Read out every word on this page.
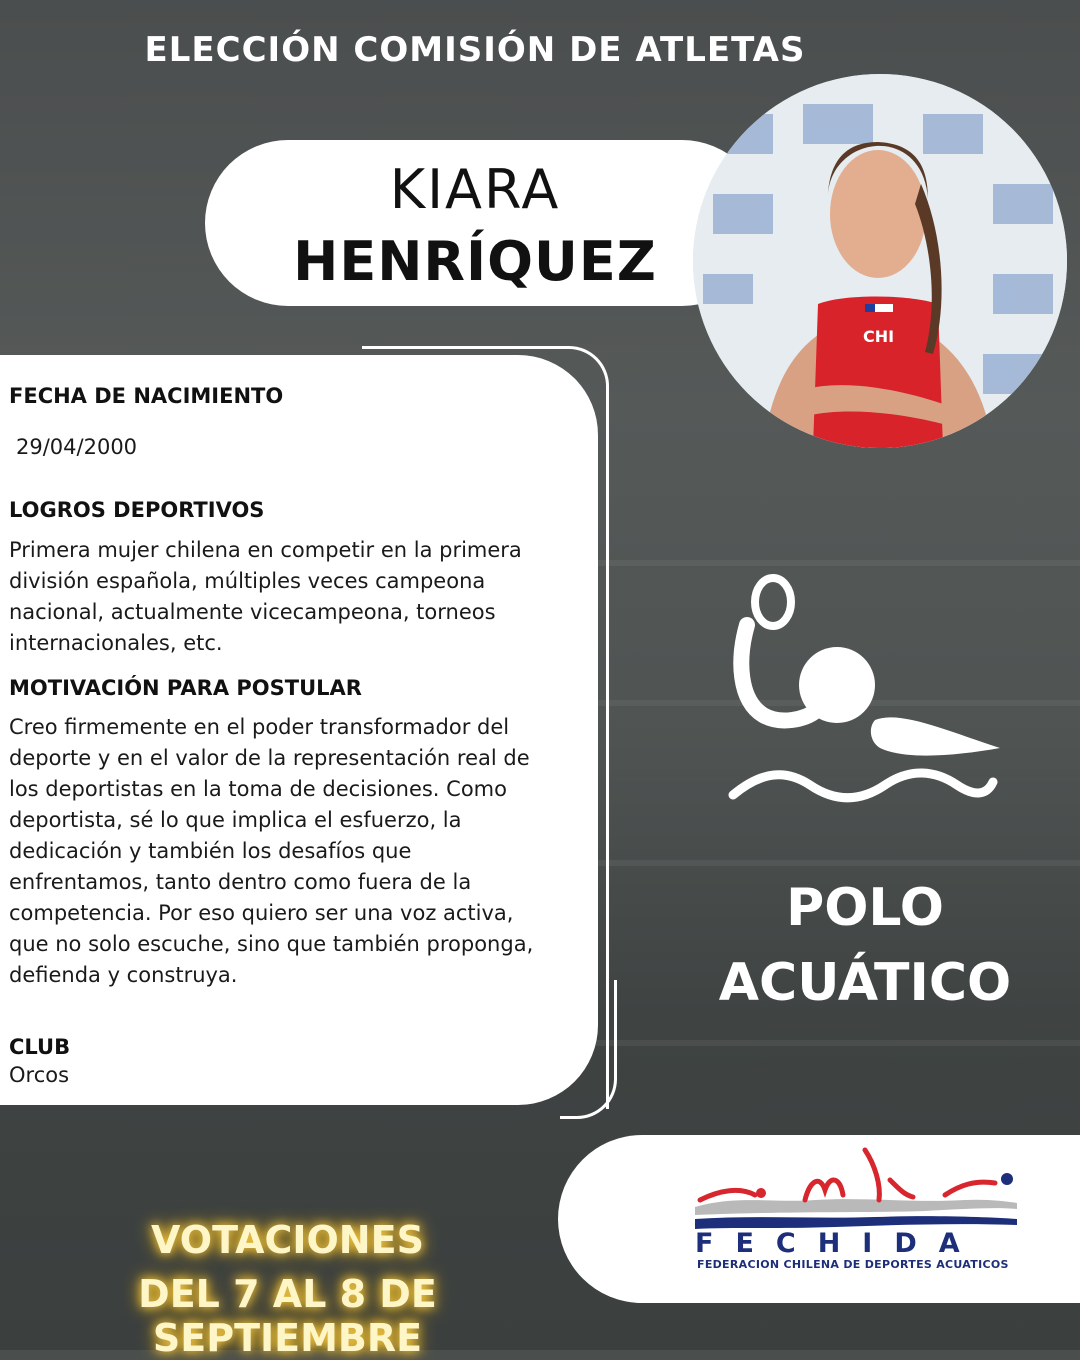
ELECCIÓN COMISIÓN DE ATLETAS
KIARA
HENRÍQUEZ
CHI
FECHA DE NACIMIENTO
29/04/2000
LOGROS DEPORTIVOS
Primera mujer chilena en competir en la primera
división española, múltiples veces campeona
nacional, actualmente vicecampeona, torneos
internacionales, etc.
MOTIVACIÓN PARA POSTULAR
Creo firmemente en el poder transformador del
deporte y en el valor de la representación real de
los deportistas en la toma de decisiones. Como
deportista, sé lo que implica el esfuerzo, la
dedicación y también los desafíos que
enfrentamos, tanto dentro como fuera de la
competencia. Por eso quiero ser una voz activa,
que no solo escuche, sino que también proponga,
defienda y construya.
CLUB
Orcos
POLO
ACUÁTICO
VOTACIONES
DEL 7 AL 8 DE SEPTIEMBRE
FECHIDA
FEDERACION CHILENA DE DEPORTES ACUATICOS
